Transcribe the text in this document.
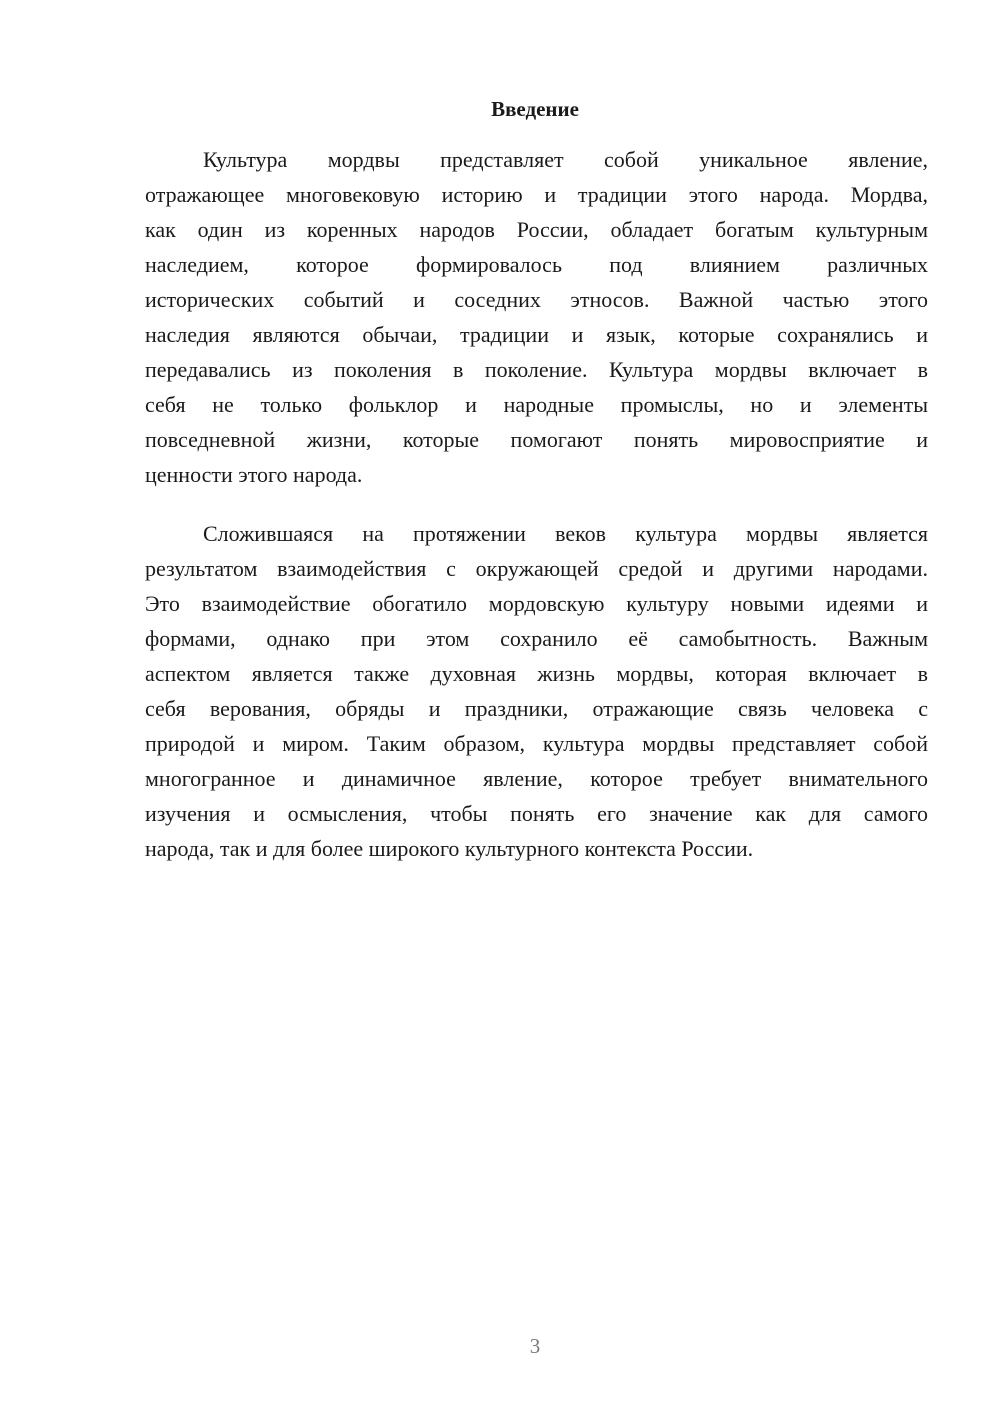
Введение
Культура мордвы представляет собой уникальное явление,
отражающее многовековую историю и традиции этого народа. Мордва,
как один из коренных народов России, обладает богатым культурным
наследием, которое формировалось под влиянием различных
исторических событий и соседних этносов. Важной частью этого
наследия являются обычаи, традиции и язык, которые сохранялись и
передавались из поколения в поколение. Культура мордвы включает в
себя не только фольклор и народные промыслы, но и элементы
повседневной жизни, которые помогают понять мировосприятие и
ценности этого народа.
Сложившаяся на протяжении веков культура мордвы является
результатом взаимодействия с окружающей средой и другими народами.
Это взаимодействие обогатило мордовскую культуру новыми идеями и
формами, однако при этом сохранило её самобытность. Важным
аспектом является также духовная жизнь мордвы, которая включает в
себя верования, обряды и праздники, отражающие связь человека с
природой и миром. Таким образом, культура мордвы представляет собой
многогранное и динамичное явление, которое требует внимательного
изучения и осмысления, чтобы понять его значение как для самого
народа, так и для более широкого культурного контекста России.
3
